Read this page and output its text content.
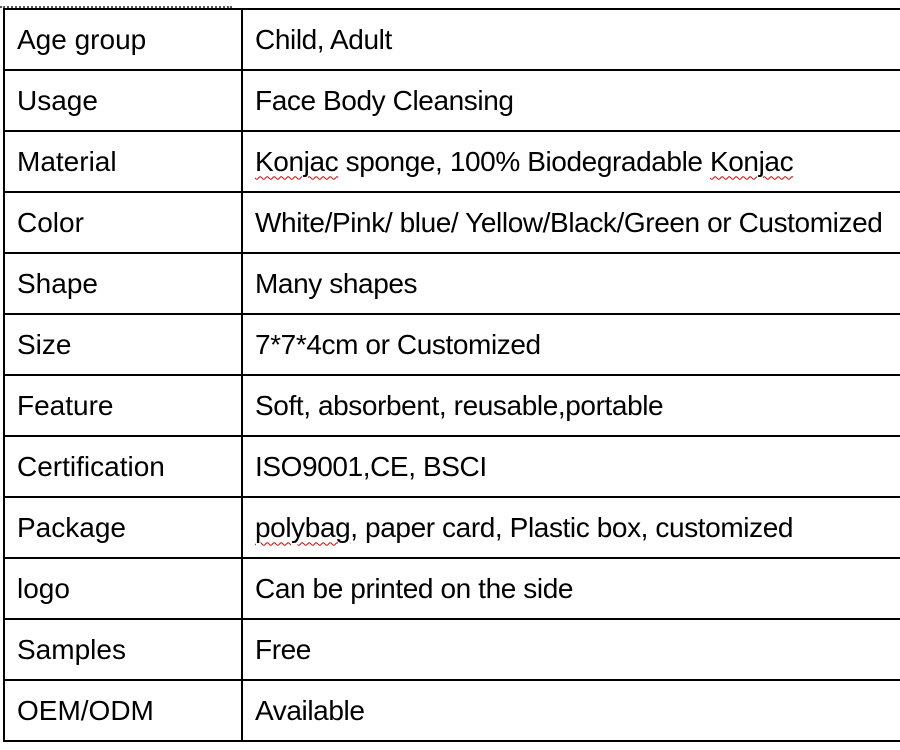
Age group	Child, Adult
Usage	Face Body Cleansing
Material	Konjac sponge, 100% Biodegradable Konjac
Color	White/Pink/ blue/ Yellow/Black/Green or Customized
Shape	Many shapes
Size	7*7*4cm or Customized
Feature	Soft, absorbent, reusable,portable
Certification	ISO9001,CE, BSCI
Package	polybag, paper card, Plastic box, customized
logo	Can be printed on the side
Samples	Free
OEM/ODM	Available
